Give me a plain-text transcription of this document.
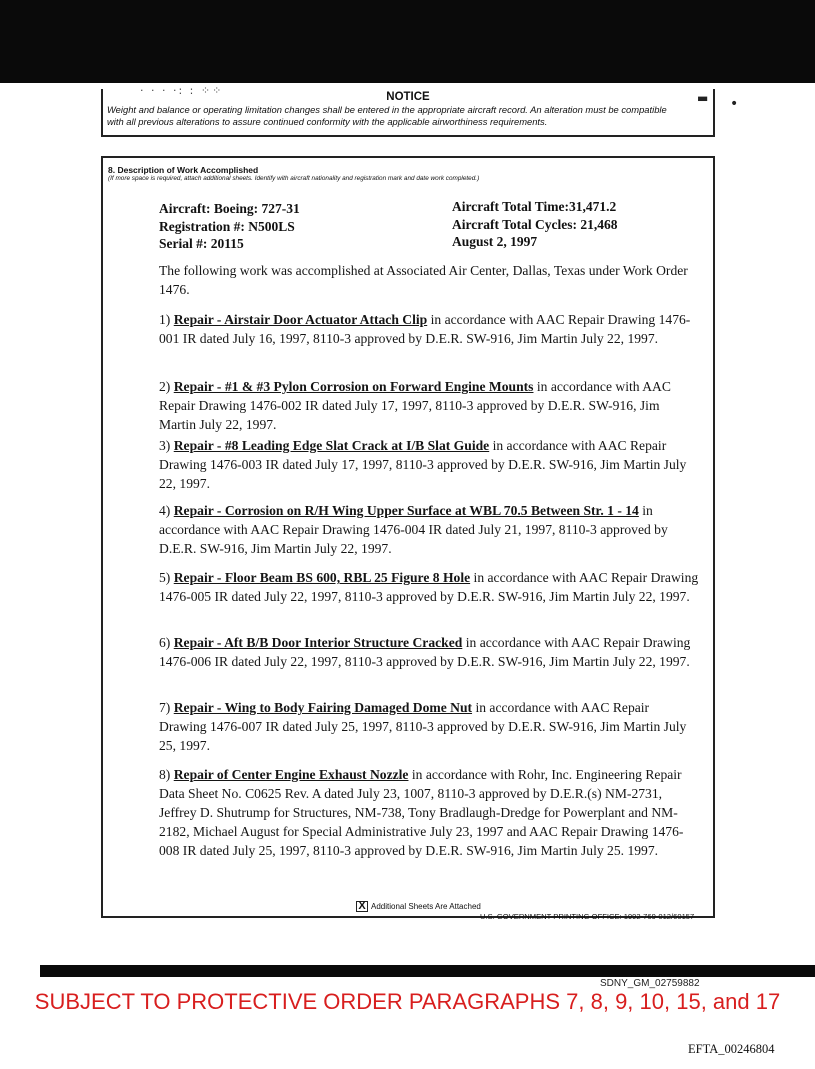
· · · ·: : ⁘⁘
▬ •
NOTICE
Weight and balance or operating limitation changes shall be entered in the appropriate aircraft record. An alteration must be compatible with all previous alterations to assure continued conformity with the applicable airworthiness requirements.
8. Description of Work Accomplished
(If more space is required, attach additional sheets. Identify with aircraft nationality and registration mark and date work completed.)
Aircraft: Boeing: 727-31
Registration #: N500LS
Serial #: 20115
Aircraft Total Time:31,471.2
Aircraft Total Cycles: 21,468
August 2, 1997
The following work was accomplished at Associated Air Center, Dallas, Texas under Work Order 1476.
1) Repair - Airstair Door Actuator Attach Clip in accordance with AAC Repair Drawing 1476-001 IR dated July 16, 1997, 8110-3 approved by D.E.R. SW-916, Jim Martin July 22, 1997.
2) Repair - #1 & #3 Pylon Corrosion on Forward Engine Mounts in accordance with AAC Repair Drawing 1476-002 IR dated July 17, 1997, 8110-3 approved by D.E.R. SW-916, Jim Martin July 22, 1997.
3) Repair - #8 Leading Edge Slat Crack at I/B Slat Guide in accordance with AAC Repair Drawing 1476-003 IR dated July 17, 1997, 8110-3 approved by D.E.R. SW-916, Jim Martin July 22, 1997.
4) Repair - Corrosion on R/H Wing Upper Surface at WBL 70.5 Between Str. 1 - 14 in accordance with AAC Repair Drawing 1476-004 IR dated July 21, 1997, 8110-3 approved by D.E.R. SW-916, Jim Martin July 22, 1997.
5) Repair - Floor Beam BS 600, RBL 25 Figure 8 Hole in accordance with AAC Repair Drawing 1476-005 IR dated July 22, 1997, 8110-3 approved by D.E.R. SW-916, Jim Martin July 22, 1997.
6) Repair - Aft B/B Door Interior Structure Cracked in accordance with AAC Repair Drawing 1476-006 IR dated July 22, 1997, 8110-3 approved by D.E.R. SW-916, Jim Martin July 22, 1997.
7) Repair - Wing to Body Fairing Damaged Dome Nut in accordance with AAC Repair Drawing 1476-007 IR dated July 25, 1997, 8110-3 approved by D.E.R. SW-916, Jim Martin July 25, 1997.
8) Repair of Center Engine Exhaust Nozzle in accordance with Rohr, Inc. Engineering Repair Data Sheet No. C0625 Rev. A dated July 23, 1007, 8110-3 approved by D.E.R.(s) NM-2731, Jeffrey D. Shutrump for Structures, NM-738, Tony Bradlaugh-Dredge for Powerplant and NM-2182, Michael August for Special Administrative July 23, 1997 and AAC Repair Drawing 1476-008 IR dated July 25, 1997, 8110-3 approved by D.E.R. SW-916, Jim Martin July 25. 1997.
X Additional Sheets Are Attached
U.S. GOVERNMENT PRINTING OFFICE: 1992-769-012/60157
SDNY_GM_02759882
SUBJECT TO PROTECTIVE ORDER PARAGRAPHS 7, 8, 9, 10, 15, and 17
EFTA_00246804
